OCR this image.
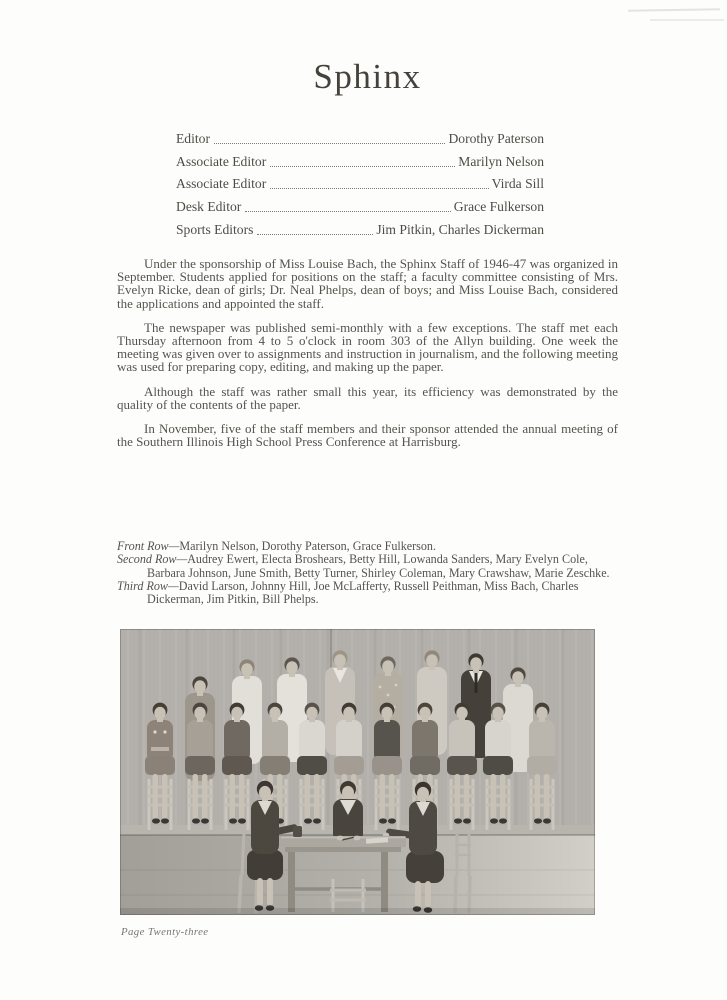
Sphinx
Editor	Dorothy Paterson
Associate Editor	Marilyn Nelson
Associate Editor	Virda Sill
Desk Editor	Grace Fulkerson
Sports Editors	Jim Pitkin, Charles Dickerman

Under the sponsorship of Miss Louise Bach, the Sphinx Staff of 1946-47 was organized in September. Students applied for positions on the staff; a faculty committee consisting of Mrs. Evelyn Ricke, dean of girls; Dr. Neal Phelps, dean of boys; and Miss Louise Bach, considered the applications and appointed the staff.

The newspaper was published semi-monthly with a few exceptions. The staff met each Thursday afternoon from 4 to 5 o'clock in room 303 of the Allyn building. One week the meeting was given over to assignments and instruction in journalism, and the following meeting was used for preparing copy, editing, and making up the paper.

Although the staff was rather small this year, its efficiency was demonstrated by the quality of the contents of the paper.

In November, five of the staff members and their sponsor attended the annual meeting of the Southern Illinois High School Press Conference at Harrisburg.

Front Row—Marilyn Nelson, Dorothy Paterson, Grace Fulkerson.

Second Row—Audrey Ewert, Electa Broshears, Betty Hill, Lowanda Sanders, Mary Evelyn Cole, Barbara Johnson, June Smith, Betty Turner, Shirley Coleman, Mary Crawshaw, Marie Zeschke.

Third Row—David Larson, Johnny Hill, Joe McLafferty, Russell Peithman, Miss Bach, Charles Dickerman, Jim Pitkin, Bill Phelps.

Page Twenty-three
